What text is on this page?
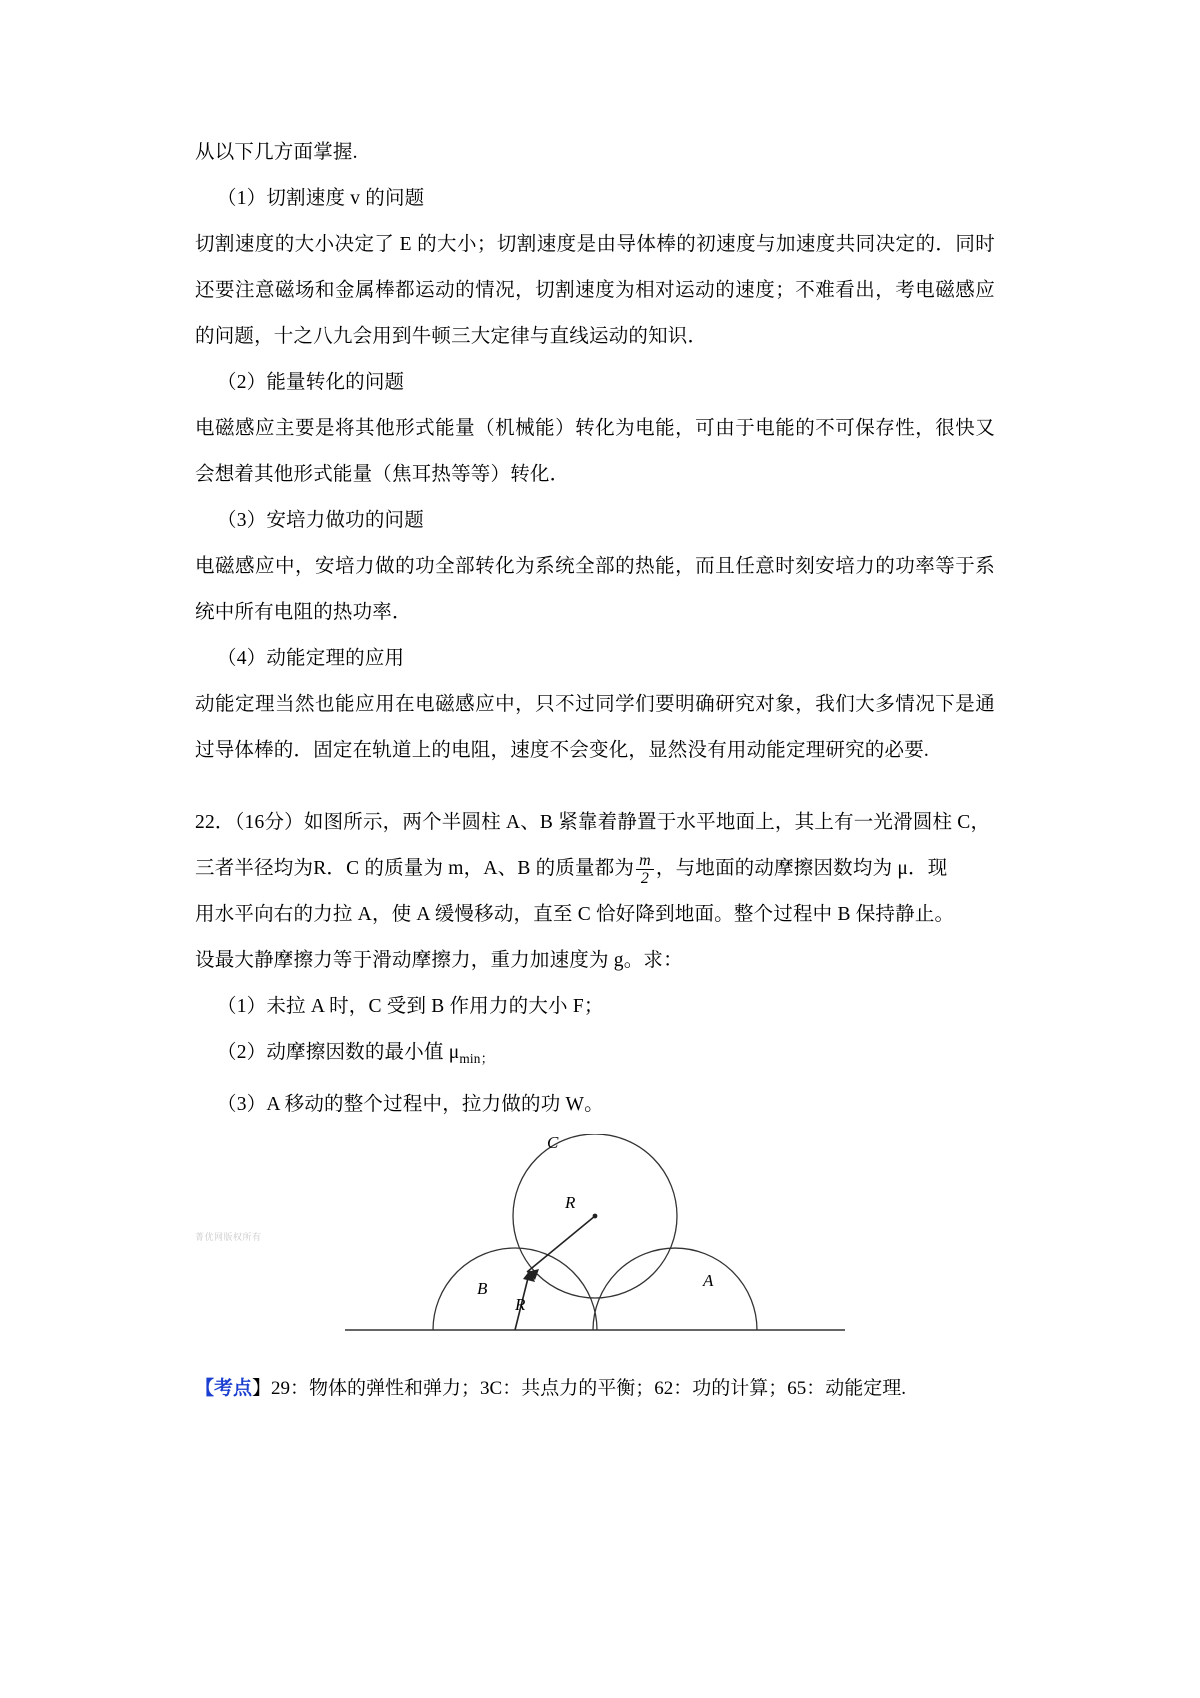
从以下几方面掌握.

（1）切割速度 v 的问题

切割速度的大小决定了 E 的大小；切割速度是由导体棒的初速度与加速度共同决定的．同时还要注意磁场和金属棒都运动的情况，切割速度为相对运动的速度；不难看出，考电磁感应的问题，十之八九会用到牛顿三大定律与直线运动的知识．

（2）能量转化的问题

电磁感应主要是将其他形式能量（机械能）转化为电能，可由于电能的不可保存性，很快又会想着其他形式能量（焦耳热等等）转化．

（3）安培力做功的问题

电磁感应中，安培力做的功全部转化为系统全部的热能，而且任意时刻安培力的功率等于系统中所有电阻的热功率．

（4）动能定理的应用

动能定理当然也能应用在电磁感应中，只不过同学们要明确研究对象，我们大多情况下是通过导体棒的．固定在轨道上的电阻，速度不会变化，显然没有用动能定理研究的必要.

22．（16分）如图所示，两个半圆柱 A、B 紧靠着静置于水平地面上，其上有一光滑圆柱 C，

三者半径均为R．C 的质量为 m，A、B 的质量都为 $\frac{m}{2}$ ，与地面的动摩擦因数均为 μ．现

用水平向右的力拉 A，使 A 缓慢移动，直至 C 恰好降到地面。整个过程中 B 保持静止。

设最大静摩擦力等于滑动摩擦力，重力加速度为 g。求：

（1）未拉 A 时，C 受到 B 作用力的大小 F；

（2）动摩擦因数的最小值 $\mu_{min;}$

（3）A 移动的整个过程中，拉力做的功 W。

菁优网版权所有
C
B	A
R
R

【考点】29：物体的弹性和弹力；3C：共点力的平衡；62：功的计算；65：动能定理.
